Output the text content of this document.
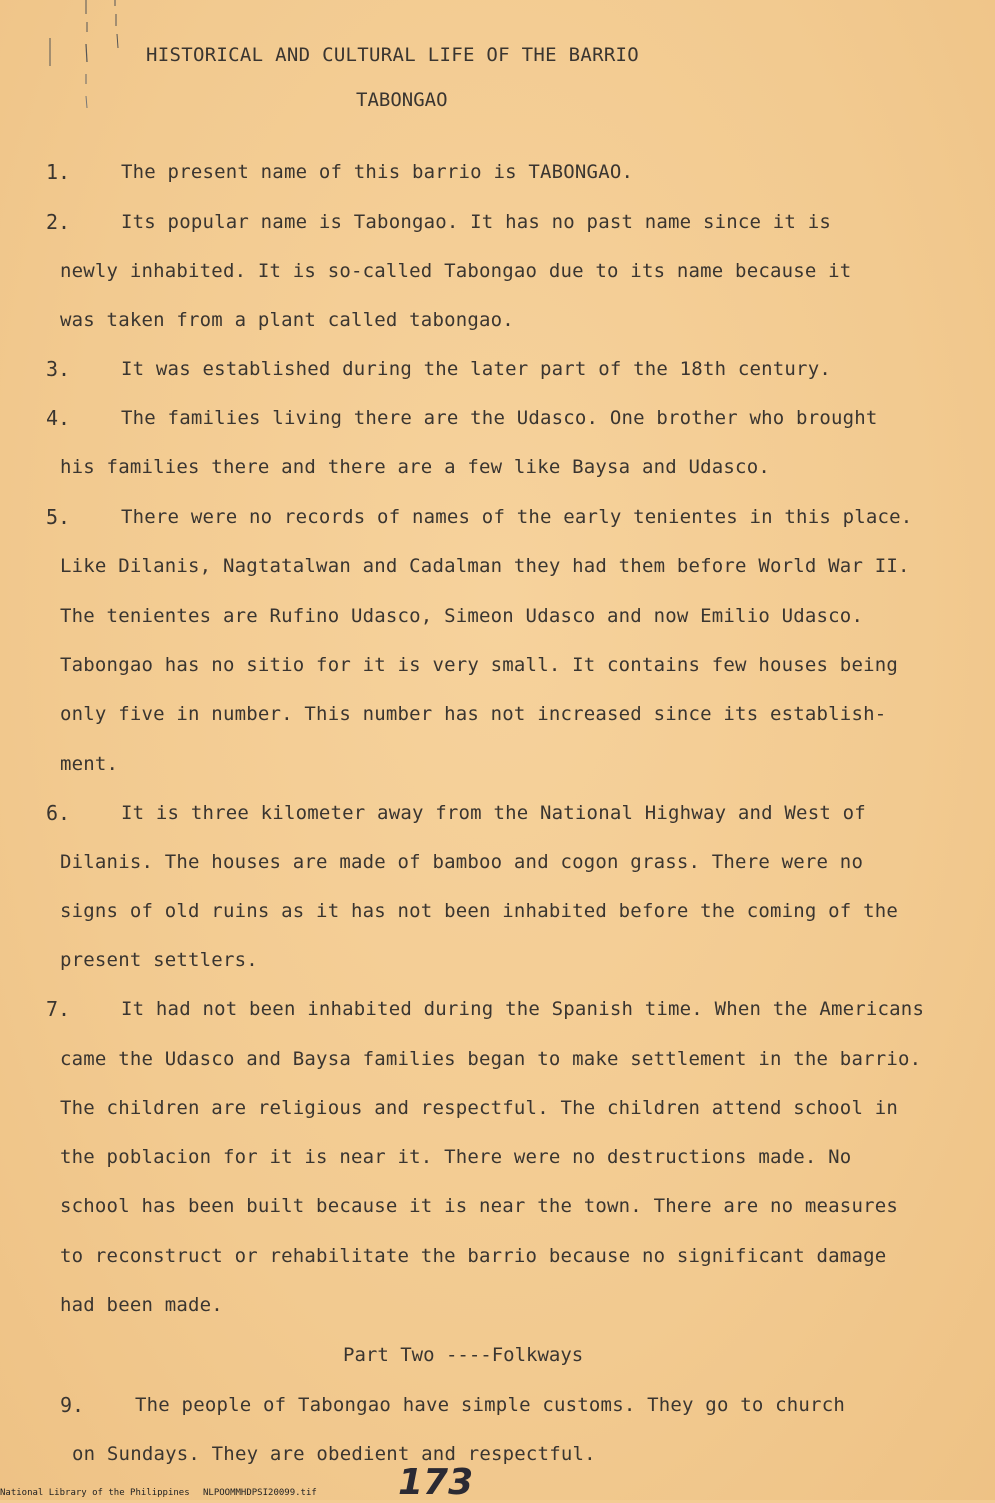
HISTORICAL AND CULTURAL LIFE OF THE BARRIO
TABONGAO
1.	The present name of this barrio is TABONGAO.
2.	Its popular name is Tabongao. It has no past name since it is
newly inhabited. It is so-called Tabongao due to its name because it
was taken from a plant called tabongao.
3.	It was established during the later part of the 18th century.
4.	The families living there are the Udasco. One brother who brought
his families there and there are a few like Baysa and Udasco.
5.	There were no records of names of the early tenientes in this place.
Like Dilanis, Nagtatalwan and Cadalman they had them before World War II.
The tenientes are Rufino Udasco, Simeon Udasco and now Emilio Udasco.
Tabongao has no sitio for it is very small. It contains few houses being
only five in number. This number has not increased since its establish-
ment.
6.	It is three kilometer away from the National Highway and West of
Dilanis. The houses are made of bamboo and cogon grass. There were no
signs of old ruins as it has not been inhabited before the coming of the
present settlers.
7.	It had not been inhabited during the Spanish time. When the Americans
came the Udasco and Baysa families began to make settlement in the barrio.
The children are religious and respectful. The children attend school in
the poblacion for it is near it. There were no destructions made. No
school has been built because it is near the town. There are no measures
to reconstruct or rehabilitate the barrio because no significant damage
had been made.
Part Two ----Folkways
9.	The people of Tabongao have simple customs. They go to church
on Sundays. They are obedient and respectful.
173
National Library of the Philippines NLPOOMMHDPSI20099.tif
